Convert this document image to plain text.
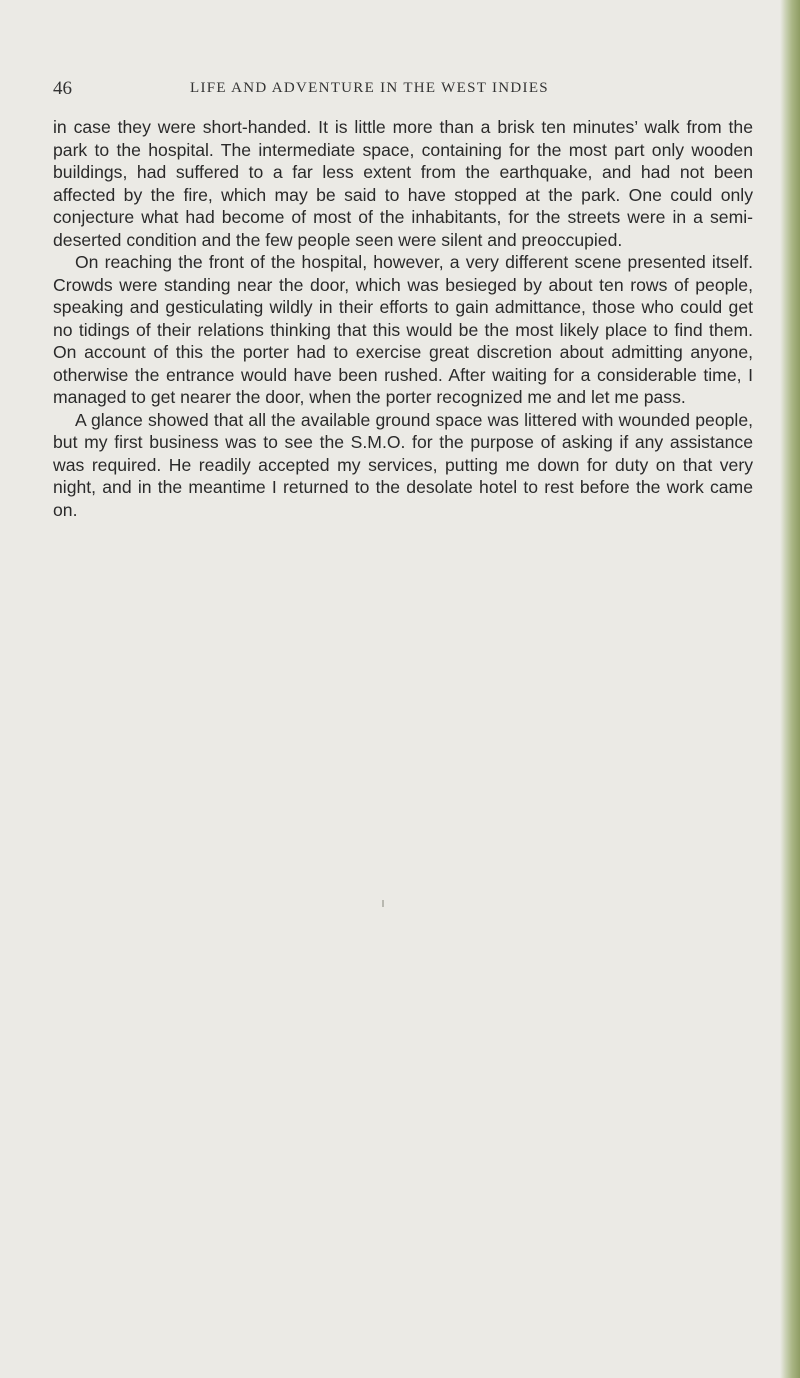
46	LIFE AND ADVENTURE IN THE WEST INDIES

in case they were short-handed. It is little more than a brisk ten minutes’ walk from the park to the hospital. The intermediate space, containing for the most part only wooden buildings, had suffered to a far less extent from the earthquake, and had not been affected by the fire, which may be said to have stopped at the park. One could only conjecture what had become of most of the inhabitants, for the streets were in a semi-deserted condition and the few people seen were silent and preoccupied.

On reaching the front of the hospital, however, a very different scene presented itself. Crowds were standing near the door, which was besieged by about ten rows of people, speaking and gesticulating wildly in their efforts to gain admittance, those who could get no tidings of their relations thinking that this would be the most likely place to find them. On account of this the porter had to exercise great discretion about admitting anyone, otherwise the entrance would have been rushed. After waiting for a considerable time, I managed to get nearer the door, when the porter recognized me and let me pass.

A glance showed that all the available ground space was littered with wounded people, but my first business was to see the S.M.O. for the purpose of asking if any assistance was required. He readily accepted my services, putting me down for duty on that very night, and in the meantime I returned to the desolate hotel to rest before the work came on.
